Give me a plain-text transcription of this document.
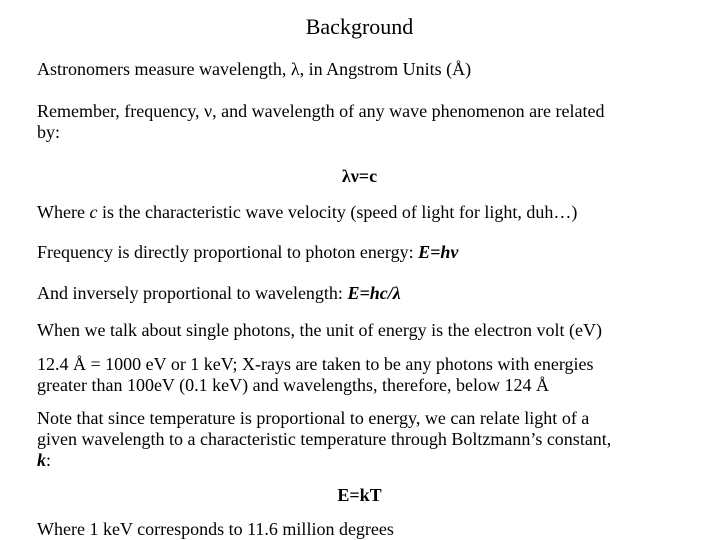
Background
Astronomers measure wavelength, λ, in Angstrom Units (Å)
Remember, frequency, ν, and wavelength of any wave phenomenon are related
by:
λν=c
Where c is the characteristic wave velocity (speed of light for light, duh…)
Frequency is directly proportional to photon energy: E=hν
And inversely proportional to wavelength: E=hc/λ
When we talk about single photons, the unit of energy is the electron volt (eV)
12.4 Å = 1000 eV or 1 keV; X-rays are taken to be any photons with energies
greater than 100eV (0.1 keV) and wavelengths, therefore, below 124 Å
Note that since temperature is proportional to energy, we can relate light of a
given wavelength to a characteristic temperature through Boltzmann’s constant,
k:
E=kT
Where 1 keV corresponds to 11.6 million degrees
